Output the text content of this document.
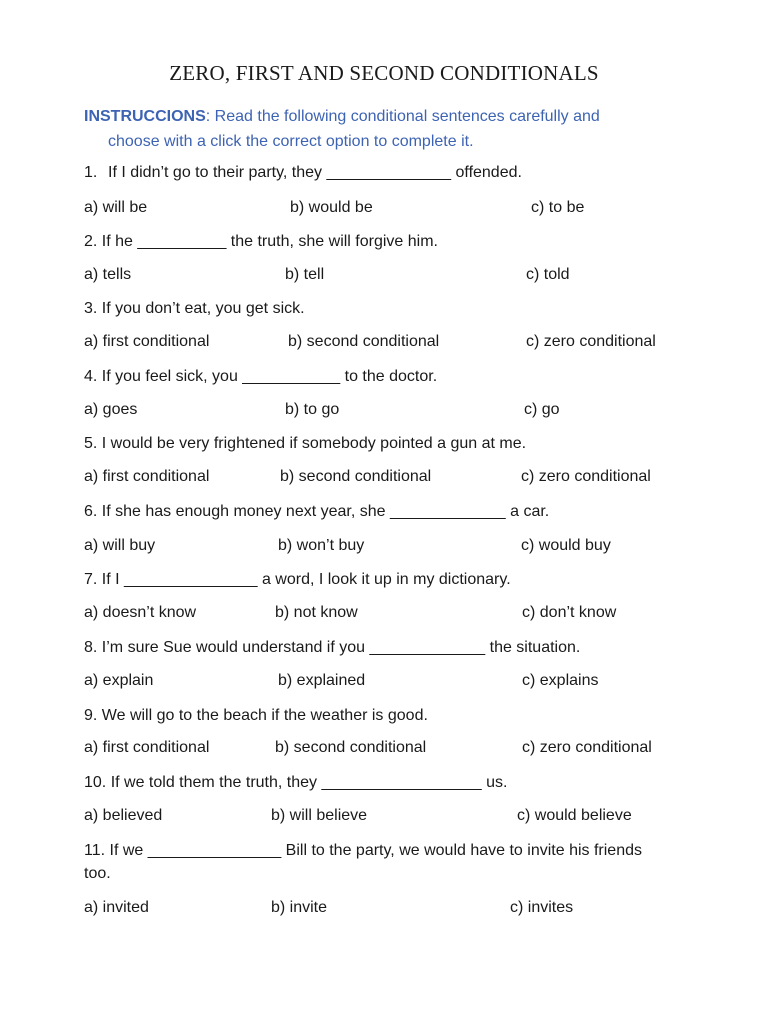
ZERO, FIRST AND SECOND CONDITIONALS
INSTRUCCIONS: Read the following conditional sentences carefully and
choose with a click the correct option to complete it.
1. If I didn’t go to their party, they ______________ offended.
a) will be	b) would be	c) to be
2. If he __________ the truth, she will forgive him.
a) tells	b) tell	c) told
3. If you don’t eat, you get sick.
a) first conditional	b) second conditional	c) zero conditional
4. If you feel sick, you ___________ to the doctor.
a) goes	b) to go	c) go
5. I would be very frightened if somebody pointed a gun at me.
a) first conditional	b) second conditional	c) zero conditional
6. If she has enough money next year, she _____________ a car.
a) will buy	b) won’t buy	c) would buy
7. If I _______________ a word, I look it up in my dictionary.
a) doesn’t know	b) not know	c) don’t know
8. I’m sure Sue would understand if you _____________ the situation.
a) explain	b) explained	c) explains
9. We will go to the beach if the weather is good.
a) first conditional	b) second conditional	c) zero conditional
10. If we told them the truth, they __________________ us.
a) believed	b) will believe	c) would believe
11. If we _______________ Bill to the party, we would have to invite his friends too.
a) invited	b) invite	c) invites
